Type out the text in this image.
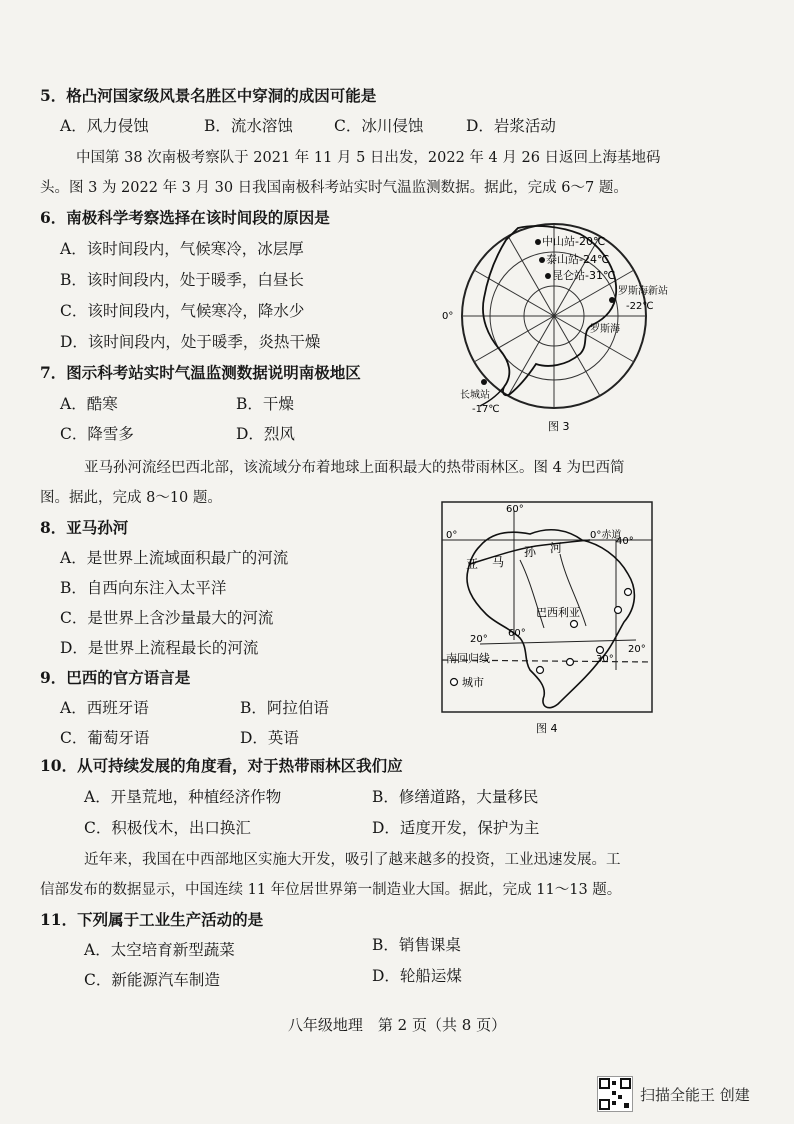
5．格凸河国家级风景名胜区中穿洞的成因可能是
A．风力侵蚀	B．流水溶蚀	C．冰川侵蚀	D．岩浆活动
中国第 38 次南极考察队于 2021 年 11 月 5 日出发，2022 年 4 月 26 日返回上海基地码
头。图 3 为 2022 年 3 月 30 日我国南极科考站实时气温监测数据。据此，完成 6～7 题。
6．南极科学考察选择在该时间段的原因是
A．该时间段内，气候寒冷，冰层厚
B．该时间段内，处于暖季，白昼长
C．该时间段内，气候寒冷，降水少
D．该时间段内，处于暖季，炎热干燥
7．图示科考站实时气温监测数据说明南极地区
A．酷寒	B．干燥
C．降雪多	D．烈风
中山站-20℃
泰山站-24℃
昆仑站-31℃
罗斯海新站
-22℃
罗斯海
长城站
-17℃
0°
图 3
亚马孙河流经巴西北部，该流域分布着地球上面积最大的热带雨林区。图 4 为巴西简
图。据此，完成 8～10 题。
8．亚马孙河
A．是世界上流域面积最广的河流
B．自西向东注入太平洋
C．是世界上含沙量最大的河流
D．是世界上流程最长的河流
9．巴西的官方语言是
A．西班牙语	B．阿拉伯语
C．葡萄牙语	D．英语
60°
0°	0°赤道
40°
亚 马
孙 河
巴西利亚
60°
20°
20°
30°
南回归线
城市
图 4
10．从可持续发展的角度看，对于热带雨林区我们应
A．开垦荒地，种植经济作物	B．修缮道路，大量移民
C．积极伐木，出口换汇	D．适度开发，保护为主
近年来，我国在中西部地区实施大开发，吸引了越来越多的投资，工业迅速发展。工
信部发布的数据显示，中国连续 11 年位居世界第一制造业大国。据此，完成 11～13 题。
11．下列属于工业生产活动的是
A．太空培育新型蔬菜	B．销售课桌
C．新能源汽车制造	D．轮船运煤
八年级地理　第 2 页（共 8 页）
扫描全能王 创建
